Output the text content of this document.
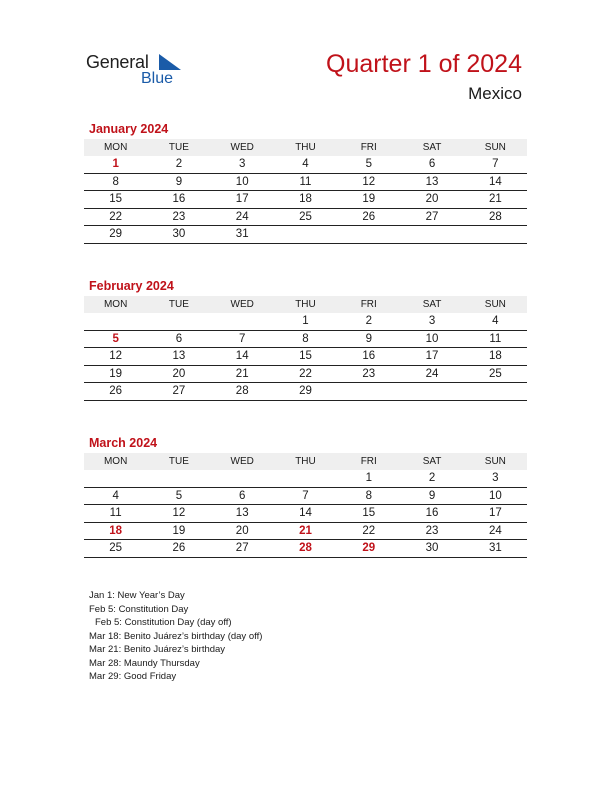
General
Blue
Quarter 1 of 2024
Mexico
January 2024
MON	TUE	WED	THU	FRI	SAT	SUN
1	2	3	4	5	6	7
8	9	10	11	12	13	14
15	16	17	18	19	20	21
22	23	24	25	26	27	28
29	30	31				
February 2024
MON	TUE	WED	THU	FRI	SAT	SUN
			1	2	3	4
5	6	7	8	9	10	11
12	13	14	15	16	17	18
19	20	21	22	23	24	25
26	27	28	29			
March 2024
MON	TUE	WED	THU	FRI	SAT	SUN
				1	2	3
4	5	6	7	8	9	10
11	12	13	14	15	16	17
18	19	20	21	22	23	24
25	26	27	28	29	30	31
Jan 1: New Year’s Day
Feb 5: Constitution Day
Feb 5: Constitution Day (day off)
Mar 18: Benito Juárez’s birthday (day off)
Mar 21: Benito Juárez’s birthday
Mar 28: Maundy Thursday
Mar 29: Good Friday
